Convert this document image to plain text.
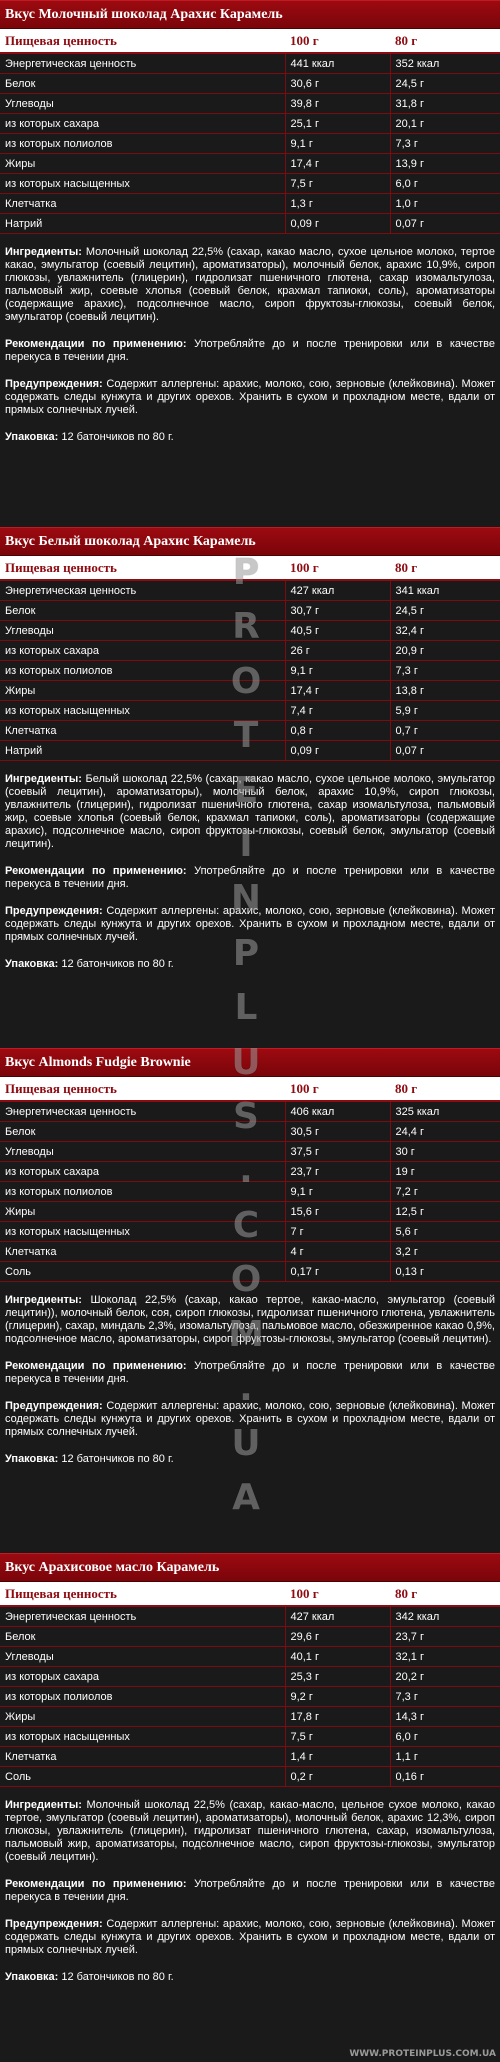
Вкус Молочный шоколад Арахис Карамель
Пищевая ценность	100 г	80 г
Энергетическая ценность	441 ккал	352 ккал
Белок	30,6 г	24,5 г
Углеводы	39,8 г	31,8 г
из которых сахара	25,1 г	20,1 г
из которых полиолов	9,1 г	7,3 г
Жиры	17,4 г	13,9 г
из которых насыщенных	7,5 г	6,0 г
Клетчатка	1,3 г	1,0 г
Натрий	0,09 г	0,07 г

Ингредиенты: Молочный шоколад 22,5% (сахар, какао масло, сухое цельное молоко, тертое какао, эмульгатор (соевый лецитин), ароматизаторы), молочный белок, арахис 10,9%, сироп глюкозы, увлажнитель (глицерин), гидролизат пшеничного глютена, сахар изомальтулоза, пальмовый жир, соевые хлопья (соевый белок, крахмал тапиоки, соль), ароматизаторы (содержащие арахис), подсолнечное масло, сироп фруктозы-глюкозы, соевый белок, эмульгатор (соевый лецитин).

Рекомендации по применению: Употребляйте до и после тренировки или в качестве перекуса в течении дня.

Предупреждения: Содержит аллергены: арахис, молоко, сою, зерновые (клейковина). Может содержать следы кунжута и других орехов. Хранить в сухом и прохладном месте, вдали от прямых солнечных лучей.

Упаковка: 12 батончиков по 80 г.

Вкус Белый шоколад Арахис Карамель
Пищевая ценность	100 г	80 г
Энергетическая ценность	427 ккал	341 ккал
Белок	30,7 г	24,5 г
Углеводы	40,5 г	32,4 г
из которых сахара	26 г	20,9 г
из которых полиолов	9,1 г	7,3 г
Жиры	17,4 г	13,8 г
из которых насыщенных	7,4 г	5,9 г
Клетчатка	0,8 г	0,7 г
Натрий	0,09 г	0,07 г

Ингредиенты: Белый шоколад 22,5% (сахар, какао масло, сухое цельное молоко, эмульгатор (соевый лецитин), ароматизаторы), молочный белок, арахис 10,9%, сироп глюкозы, увлажнитель (глицерин), гидролизат пшеничного глютена, сахар изомальтулоза, пальмовый жир, соевые хлопья (соевый белок, крахмал тапиоки, соль), ароматизаторы (содержащие арахис), подсолнечное масло, сироп фруктозы-глюкозы, соевый белок, эмульгатор (соевый лецитин).

Рекомендации по применению: Употребляйте до и после тренировки или в качестве перекуса в течении дня.

Предупреждения: Содержит аллергены: арахис, молоко, сою, зерновые (клейковина). Может содержать следы кунжута и других орехов. Хранить в сухом и прохладном месте, вдали от прямых солнечных лучей.

Упаковка: 12 батончиков по 80 г.

Вкус Almonds Fudgie Brownie
Пищевая ценность	100 г	80 г
Энергетическая ценность	406 ккал	325 ккал
Белок	30,5 г	24,4 г
Углеводы	37,5 г	30 г
из которых сахара	23,7 г	19 г
из которых полиолов	9,1 г	7,2 г
Жиры	15,6 г	12,5 г
из которых насыщенных	7 г	5,6 г
Клетчатка	4 г	3,2 г
Соль	0,17 г	0,13 г

Ингредиенты: Шоколад 22,5% (сахар, какао тертое, какао-масло, эмульгатор (соевый лецитин)), молочный белок, соя, сироп глюкозы, гидролизат пшеничного глютена, увлажнитель (глицерин), сахар, миндаль 2,3%, изомальтулоза, пальмовое масло, обезжиренное какао 0,9%, подсолнечное масло, ароматизаторы, сироп фруктозы-глюкозы, эмульгатор (соевый лецитин).

Рекомендации по применению: Употребляйте до и после тренировки или в качестве перекуса в течении дня.

Предупреждения: Содержит аллергены: арахис, молоко, сою, зерновые (клейковина). Может содержать следы кунжута и других орехов. Хранить в сухом и прохладном месте, вдали от прямых солнечных лучей.

Упаковка: 12 батончиков по 80 г.

Вкус Арахисовое масло Карамель
Пищевая ценность	100 г	80 г
Энергетическая ценность	427 ккал	342 ккал
Белок	29,6 г	23,7 г
Углеводы	40,1 г	32,1 г
из которых сахара	25,3 г	20,2 г
из которых полиолов	9,2 г	7,3 г
Жиры	17,8 г	14,3 г
из которых насыщенных	7,5 г	6,0 г
Клетчатка	1,4 г	1,1 г
Соль	0,2 г	0,16 г

Ингредиенты: Молочный шоколад 22,5% (сахар, какао-масло, цельное сухое молоко, какао тертое, эмульгатор (соевый лецитин), ароматизаторы), молочный белок, арахис 12,3%, сироп глюкозы, увлажнитель (глицерин), гидролизат пшеничного глютена, сахар, изомальтулоза, пальмовый жир, ароматизаторы, подсолнечное масло, сироп фруктозы-глюкозы, эмульгатор (соевый лецитин).

Рекомендации по применению: Употребляйте до и после тренировки или в качестве перекуса в течении дня.

Предупреждения: Содержит аллергены: арахис, молоко, сою, зерновые (клейковина). Может содержать следы кунжута и других орехов. Хранить в сухом и прохладном месте, вдали от прямых солнечных лучей.

Упаковка: 12 батончиков по 80 г.

P
R
O
T
E
I
N
P
L
U
S
.
C
O
M
.
U
A
WWW.PROTEINPLUS.COM.UA
